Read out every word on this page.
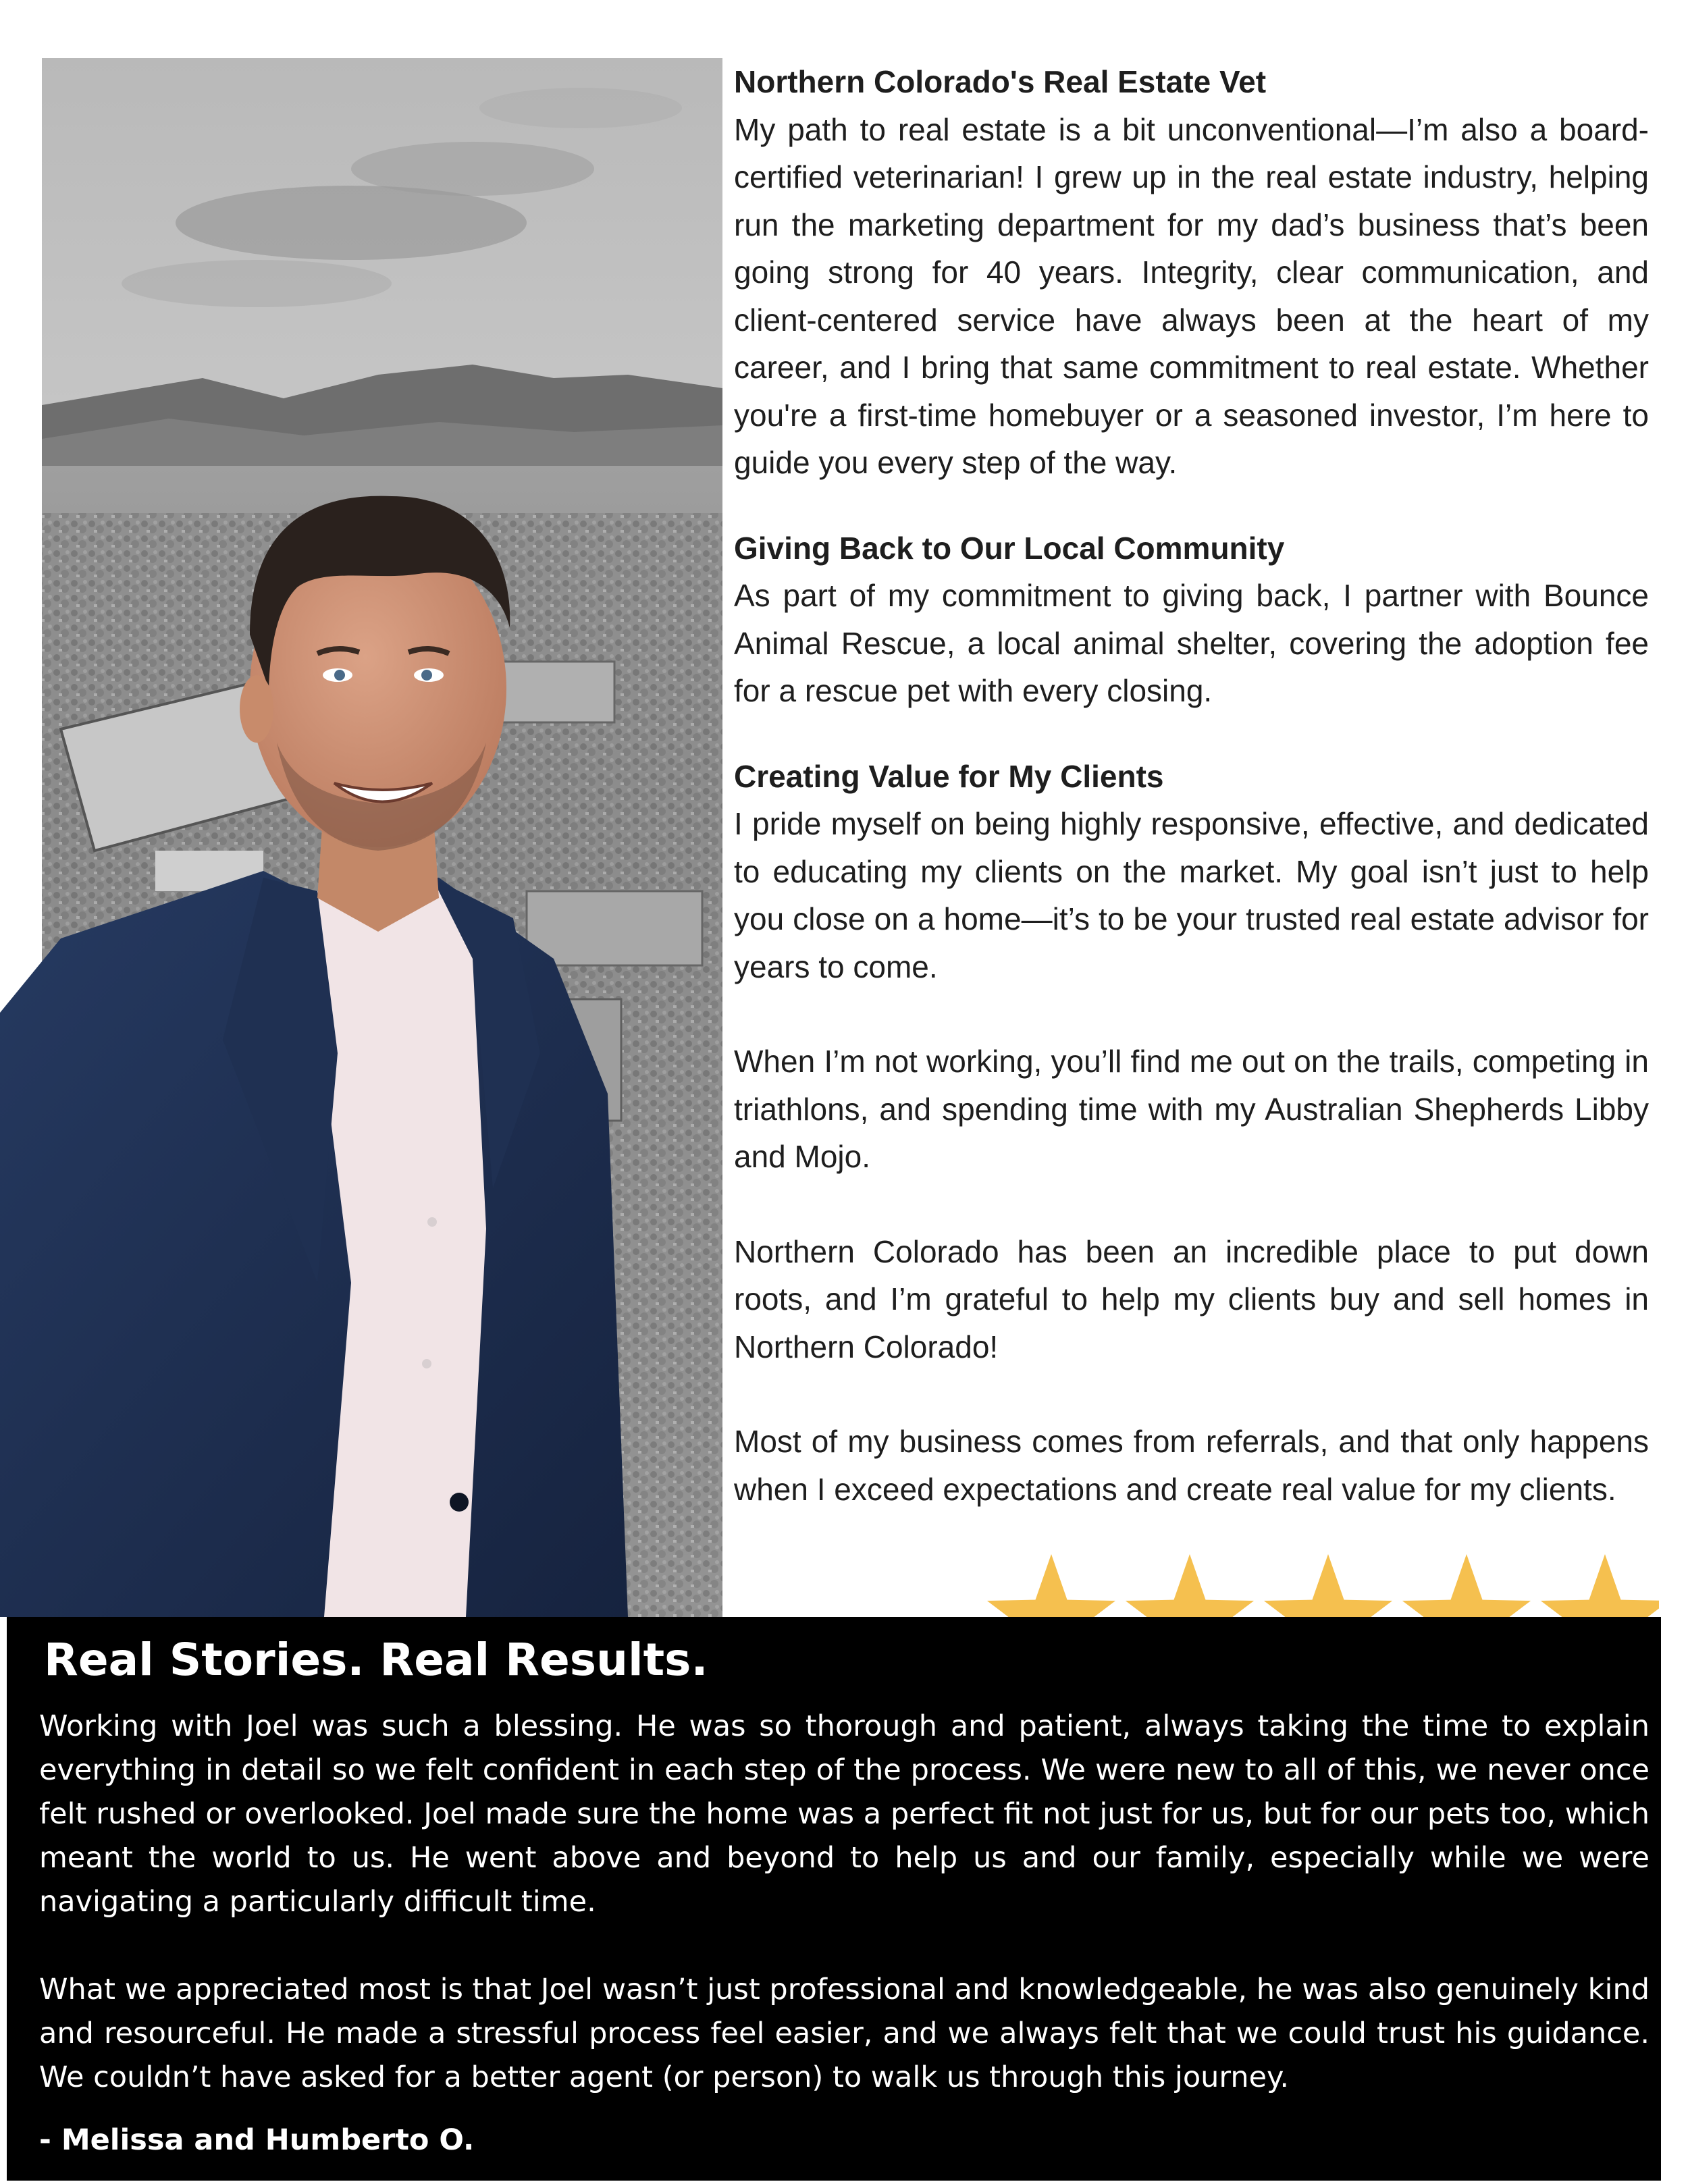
Northern Colorado's Real Estate Vet

My path to real estate is a bit unconventional—I’m also a board-certified veterinarian! I grew up in the real estate industry, helping run the marketing department for my dad’s business that’s been going strong for 40 years. Integrity, clear communication, and client-centered service have always been at the heart of my career, and I bring that same commitment to real estate. Whether you're a first-time homebuyer or a seasoned investor, I’m here to guide you every step of the way.

Giving Back to Our Local Community

As part of my commitment to giving back, I partner with Bounce Animal Rescue, a local animal shelter, covering the adoption fee for a rescue pet with every closing.

Creating Value for My Clients

I pride myself on being highly responsive, effective, and dedicated to educating my clients on the market. My goal isn’t just to help you close on a home—it’s to be your trusted real estate advisor for years to come.

When I’m not working, you’ll find me out on the trails, competing in triathlons, and spending time with my Australian Shepherds Libby and Mojo.

Northern Colorado has been an incredible place to put down roots, and I’m grateful to help my clients buy and sell homes in Northern Colorado!

Most of my business comes from referrals, and that only happens when I exceed expectations and create real value for my clients.

Real Stories. Real Results.

Working with Joel was such a blessing. He was so thorough and patient, always taking the time to explain everything in detail so we felt confident in each step of the process. We were new to all of this, we never once felt rushed or overlooked. Joel made sure the home was a perfect fit not just for us, but for our pets too, which meant the world to us. He went above and beyond to help us and our family, especially while we were navigating a particularly difficult time.

What we appreciated most is that Joel wasn’t just professional and knowledgeable, he was also genuinely kind and resourceful. He made a stressful process feel easier, and we always felt that we could trust his guidance. We couldn’t have asked for a better agent (or person) to walk us through this journey.

- Melissa and Humberto O.
